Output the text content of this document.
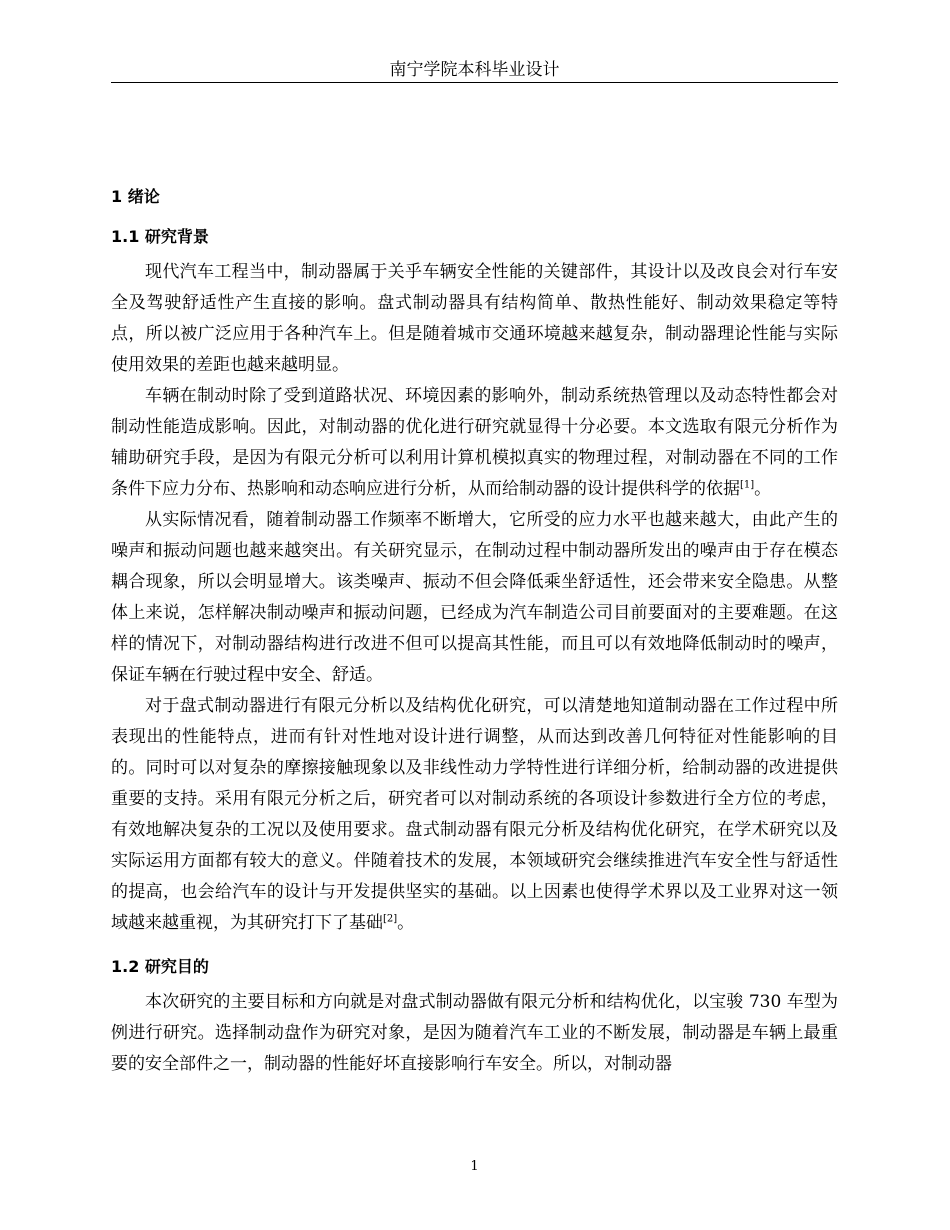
南宁学院本科毕业设计
1 绪论
1.1 研究背景

现代汽车工程当中，制动器属于关乎车辆安全性能的关键部件，其设计以及改良会对行车安全及驾驶舒适性产生直接的影响。盘式制动器具有结构简单、散热性能好、制动效果稳定等特点，所以被广泛应用于各种汽车上。但是随着城市交通环境越来越复杂，制动器理论性能与实际使用效果的差距也越来越明显。

车辆在制动时除了受到道路状况、环境因素的影响外，制动系统热管理以及动态特性都会对制动性能造成影响。因此，对制动器的优化进行研究就显得十分必要。本文选取有限元分析作为辅助研究手段，是因为有限元分析可以利用计算机模拟真实的物理过程，对制动器在不同的工作条件下应力分布、热影响和动态响应进行分析，从而给制动器的设计提供科学的依据[1]。

从实际情况看，随着制动器工作频率不断增大，它所受的应力水平也越来越大，由此产生的噪声和振动问题也越来越突出。有关研究显示，在制动过程中制动器所发出的噪声由于存在模态耦合现象，所以会明显增大。该类噪声、振动不但会降低乘坐舒适性，还会带来安全隐患。从整体上来说，怎样解决制动噪声和振动问题，已经成为汽车制造公司目前要面对的主要难题。在这样的情况下，对制动器结构进行改进不但可以提高其性能，而且可以有效地降低制动时的噪声，保证车辆在行驶过程中安全、舒适。

对于盘式制动器进行有限元分析以及结构优化研究，可以清楚地知道制动器在工作过程中所表现出的性能特点，进而有针对性地对设计进行调整，从而达到改善几何特征对性能影响的目的。同时可以对复杂的摩擦接触现象以及非线性动力学特性进行详细分析，给制动器的改进提供重要的支持。采用有限元分析之后，研究者可以对制动系统的各项设计参数进行全方位的考虑，有效地解决复杂的工况以及使用要求。盘式制动器有限元分析及结构优化研究，在学术研究以及实际运用方面都有较大的意义。伴随着技术的发展，本领域研究会继续推进汽车安全性与舒适性的提高，也会给汽车的设计与开发提供坚实的基础。以上因素也使得学术界以及工业界对这一领域越来越重视，为其研究打下了基础[2]。

1.2 研究目的

本次研究的主要目标和方向就是对盘式制动器做有限元分析和结构优化，以宝骏 730 车型为例进行研究。选择制动盘作为研究对象，是因为随着汽车工业的不断发展，制动器是车辆上最重要的安全部件之一，制动器的性能好坏直接影响行车安全。所以，对制动器

1
